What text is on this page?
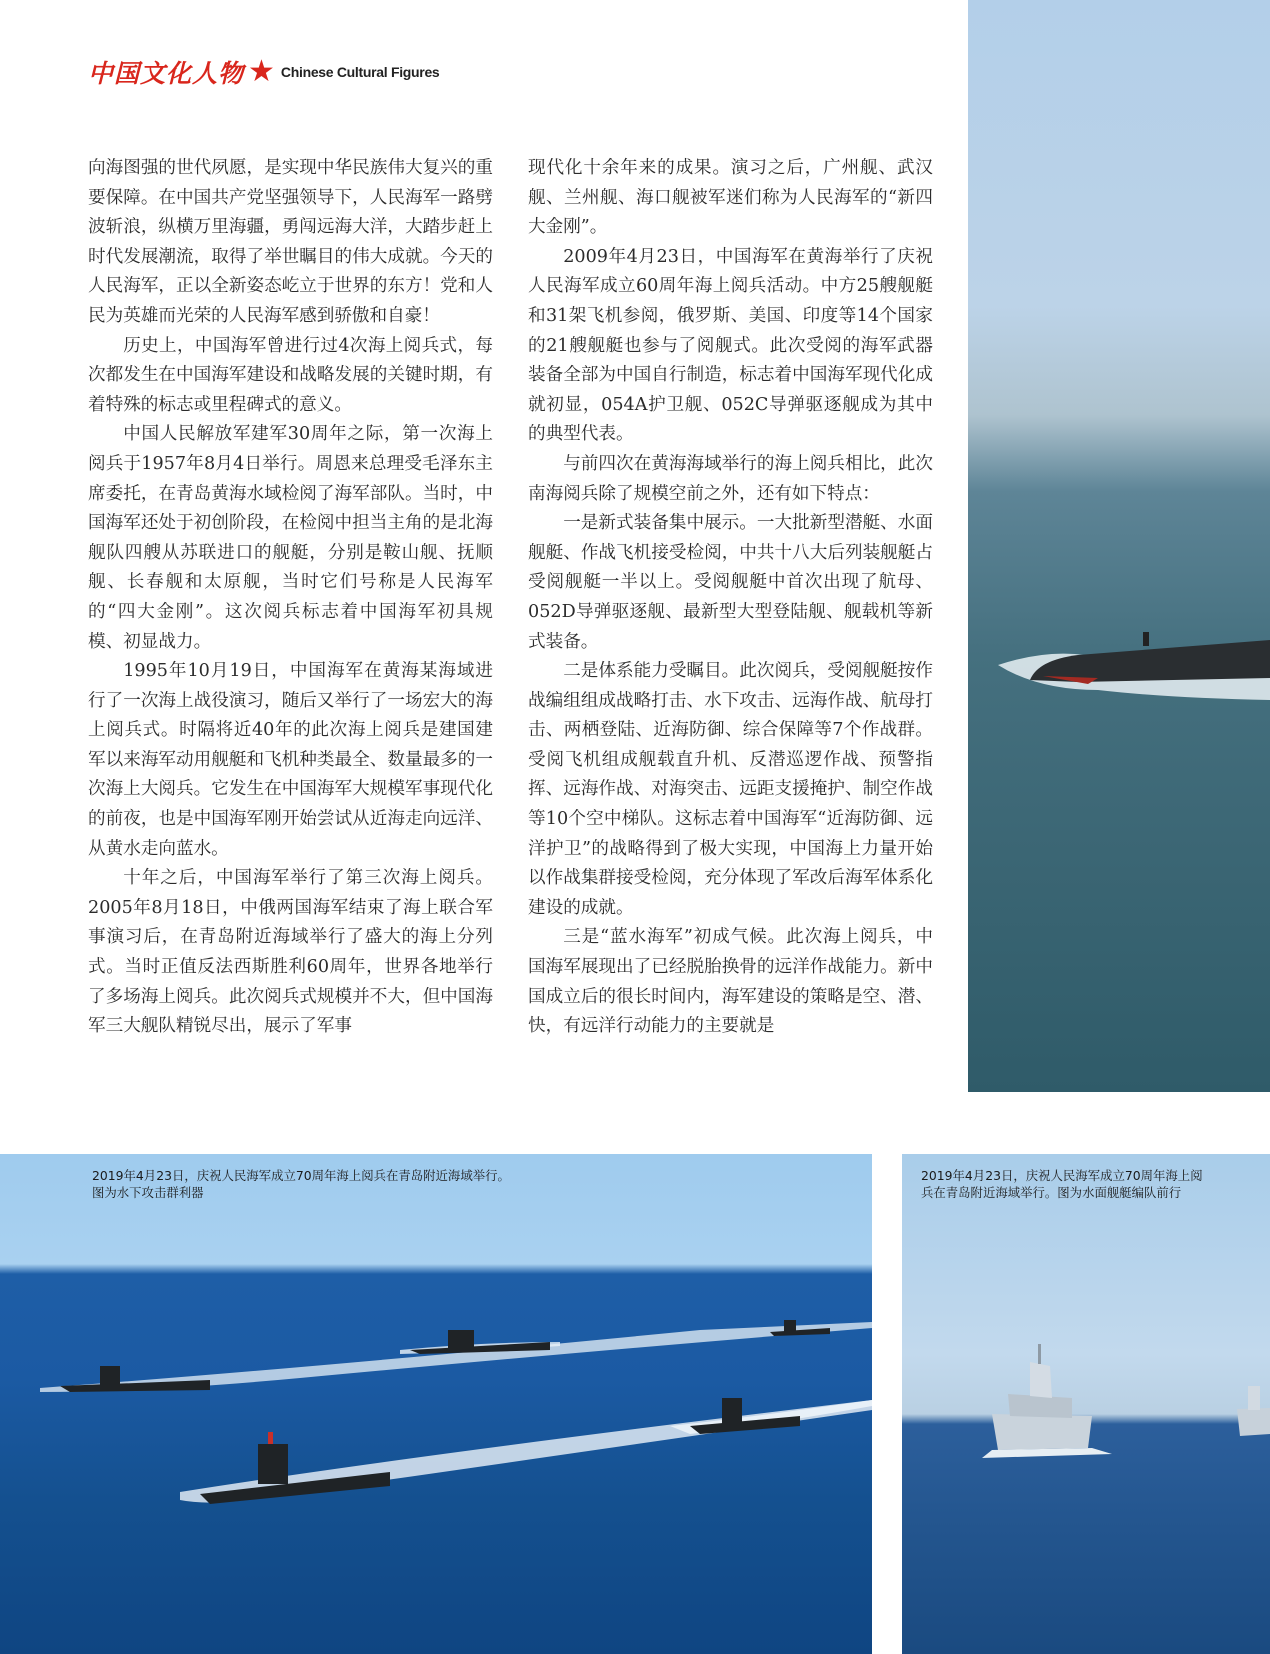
中国文化人物 ★ Chinese Cultural Figures

向海图强的世代夙愿，是实现中华民族伟大复兴的重要保障。在中国共产党坚强领导下，人民海军一路劈波斩浪，纵横万里海疆，勇闯远海大洋，大踏步赶上时代发展潮流，取得了举世瞩目的伟大成就。今天的人民海军，正以全新姿态屹立于世界的东方！党和人民为英雄而光荣的人民海军感到骄傲和自豪！

历史上，中国海军曾进行过4次海上阅兵式，每次都发生在中国海军建设和战略发展的关键时期，有着特殊的标志或里程碑式的意义。

中国人民解放军建军30周年之际，第一次海上阅兵于1957年8月4日举行。周恩来总理受毛泽东主席委托，在青岛黄海水域检阅了海军部队。当时，中国海军还处于初创阶段，在检阅中担当主角的是北海舰队四艘从苏联进口的舰艇，分别是鞍山舰、抚顺舰、长春舰和太原舰，当时它们号称是人民海军的“四大金刚”。这次阅兵标志着中国海军初具规模、初显战力。

1995年10月19日，中国海军在黄海某海域进行了一次海上战役演习，随后又举行了一场宏大的海上阅兵式。时隔将近40年的此次海上阅兵是建国建军以来海军动用舰艇和飞机种类最全、数量最多的一次海上大阅兵。它发生在中国海军大规模军事现代化的前夜，也是中国海军刚开始尝试从近海走向远洋、从黄水走向蓝水。

十年之后，中国海军举行了第三次海上阅兵。2005年8月18日，中俄两国海军结束了海上联合军事演习后，在青岛附近海域举行了盛大的海上分列式。当时正值反法西斯胜利60周年，世界各地举行了多场海上阅兵。此次阅兵式规模并不大，但中国海军三大舰队精锐尽出，展示了军事

现代化十余年来的成果。演习之后，广州舰、武汉舰、兰州舰、海口舰被军迷们称为人民海军的“新四大金刚”。

2009年4月23日，中国海军在黄海举行了庆祝人民海军成立60周年海上阅兵活动。中方25艘舰艇和31架飞机参阅，俄罗斯、美国、印度等14个国家的21艘舰艇也参与了阅舰式。此次受阅的海军武器装备全部为中国自行制造，标志着中国海军现代化成就初显，054A护卫舰、052C导弹驱逐舰成为其中的典型代表。

与前四次在黄海海域举行的海上阅兵相比，此次南海阅兵除了规模空前之外，还有如下特点：

一是新式装备集中展示。一大批新型潜艇、水面舰艇、作战飞机接受检阅，中共十八大后列装舰艇占受阅舰艇一半以上。受阅舰艇中首次出现了航母、052D导弹驱逐舰、最新型大型登陆舰、舰载机等新式装备。

二是体系能力受瞩目。此次阅兵，受阅舰艇按作战编组组成战略打击、水下攻击、远海作战、航母打击、两栖登陆、近海防御、综合保障等7个作战群。受阅飞机组成舰载直升机、反潜巡逻作战、预警指挥、远海作战、对海突击、远距支援掩护、制空作战等10个空中梯队。这标志着中国海军“近海防御、远洋护卫”的战略得到了极大实现，中国海上力量开始以作战集群接受检阅，充分体现了军改后海军体系化建设的成就。

三是“蓝水海军”初成气候。此次海上阅兵，中国海军展现出了已经脱胎换骨的远洋作战能力。新中国成立后的很长时间内，海军建设的策略是空、潜、快，有远洋行动能力的主要就是

2019年4月23日，庆祝人民海军成立70周年海上阅兵在青岛附近海域举行。图为水下攻击群利器

2019年4月23日，庆祝人民海军成立70周年海上阅兵在青岛附近海域举行。图为水面舰艇编队前行
